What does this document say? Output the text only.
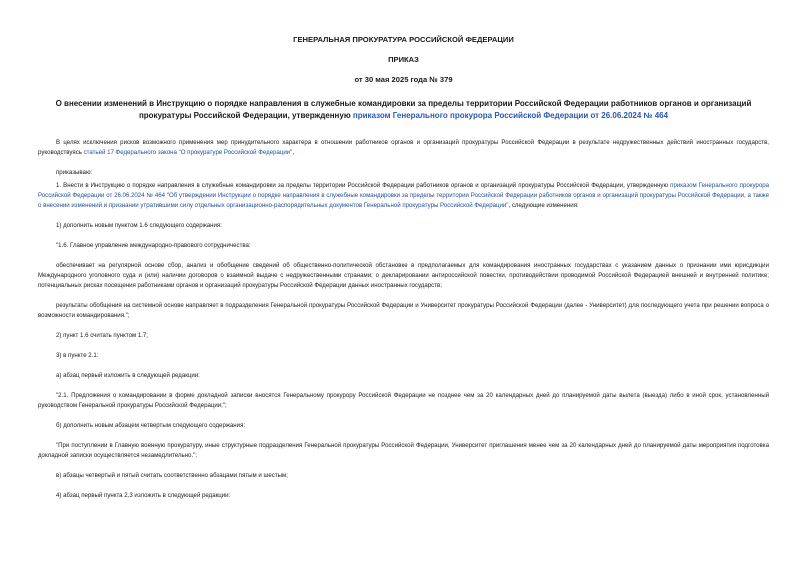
ГЕНЕРАЛЬНАЯ ПРОКУРАТУРА РОССИЙСКОЙ ФЕДЕРАЦИИ
ПРИКАЗ
от 30 мая 2025 года № 379
О внесении изменений в Инструкцию о порядке направления в служебные командировки за пределы территории Российской Федерации работников органов и организаций прокуратуры Российской Федерации, утвержденную приказом Генерального прокурора Российской Федерации от 26.06.2024 № 464

В целях исключения рисков возможного применения мер принудительного характера в отношении работников органов и организаций прокуратуры Российской Федерации в результате недружественных действий иностранных государств, руководствуясь статьей 17 Федерального закона "О прокуратуре Российской Федерации",

приказываю:

1. Внести в Инструкцию о порядке направления в служебные командировки за пределы территории Российской Федерации работников органов и организаций прокуратуры Российской Федерации, утвержденную приказом Генерального прокурора Российской Федерации от 26.06.2024 № 464 "Об утверждении Инструкции о порядке направления в служебные командировки за пределы территории Российской Федерации работников органов и организаций прокуратуры Российской Федерации, а также о внесении изменений и признании утратившими силу отдельных организационно-распорядительных документов Генеральной прокуратуры Российской Федерации", следующие изменения:

1) дополнить новым пунктом 1.6 следующего содержания:

"1.6. Главное управление международно-правового сотрудничества:

обеспечивает на регулярной основе сбор, анализ и обобщение сведений об общественно-политической обстановке в предполагаемых для командирования иностранных государствах с указанием данных о признании ими юрисдикции Международного уголовного суда и (или) наличии договоров о взаимной выдаче с недружественными странами; о декларировании антироссийской повестки, противодействии проводимой Российской Федерацией внешней и внутренней политике; потенциальных рисках посещения работниками органов и организаций прокуратуры Российской Федерации данных иностранных государств;

результаты обобщения на системной основе направляет в подразделения Генеральной прокуратуры Российской Федерации и Университет прокуратуры Российской Федерации (далее - Университет) для последующего учета при решении вопроса о возможности командирования.";

2) пункт 1.6 считать пунктом 1.7;

3) в пункте 2.1:

а) абзац первый изложить в следующей редакции:

"2.1. Предложения о командировании в форме докладной записки вносятся Генеральному прокурору Российской Федерации не позднее чем за 20 календарных дней до планируемой даты вылета (выезда) либо в иной срок, установленный руководством Генеральной прокуратуры Российской Федерации;";

б) дополнить новым абзацем четвертым следующего содержания:

"При поступлении в Главную военную прокуратуру, иные структурные подразделения Генеральной прокуратуры Российской Федерации, Университет приглашения менее чем за 20 календарных дней до планируемой даты мероприятия подготовка докладной записки осуществляется незамедлительно.";

в) абзацы четвертый и пятый считать соответственно абзацами пятым и шестым;

4) абзац первый пункта 2.3 изложить в следующей редакции:
